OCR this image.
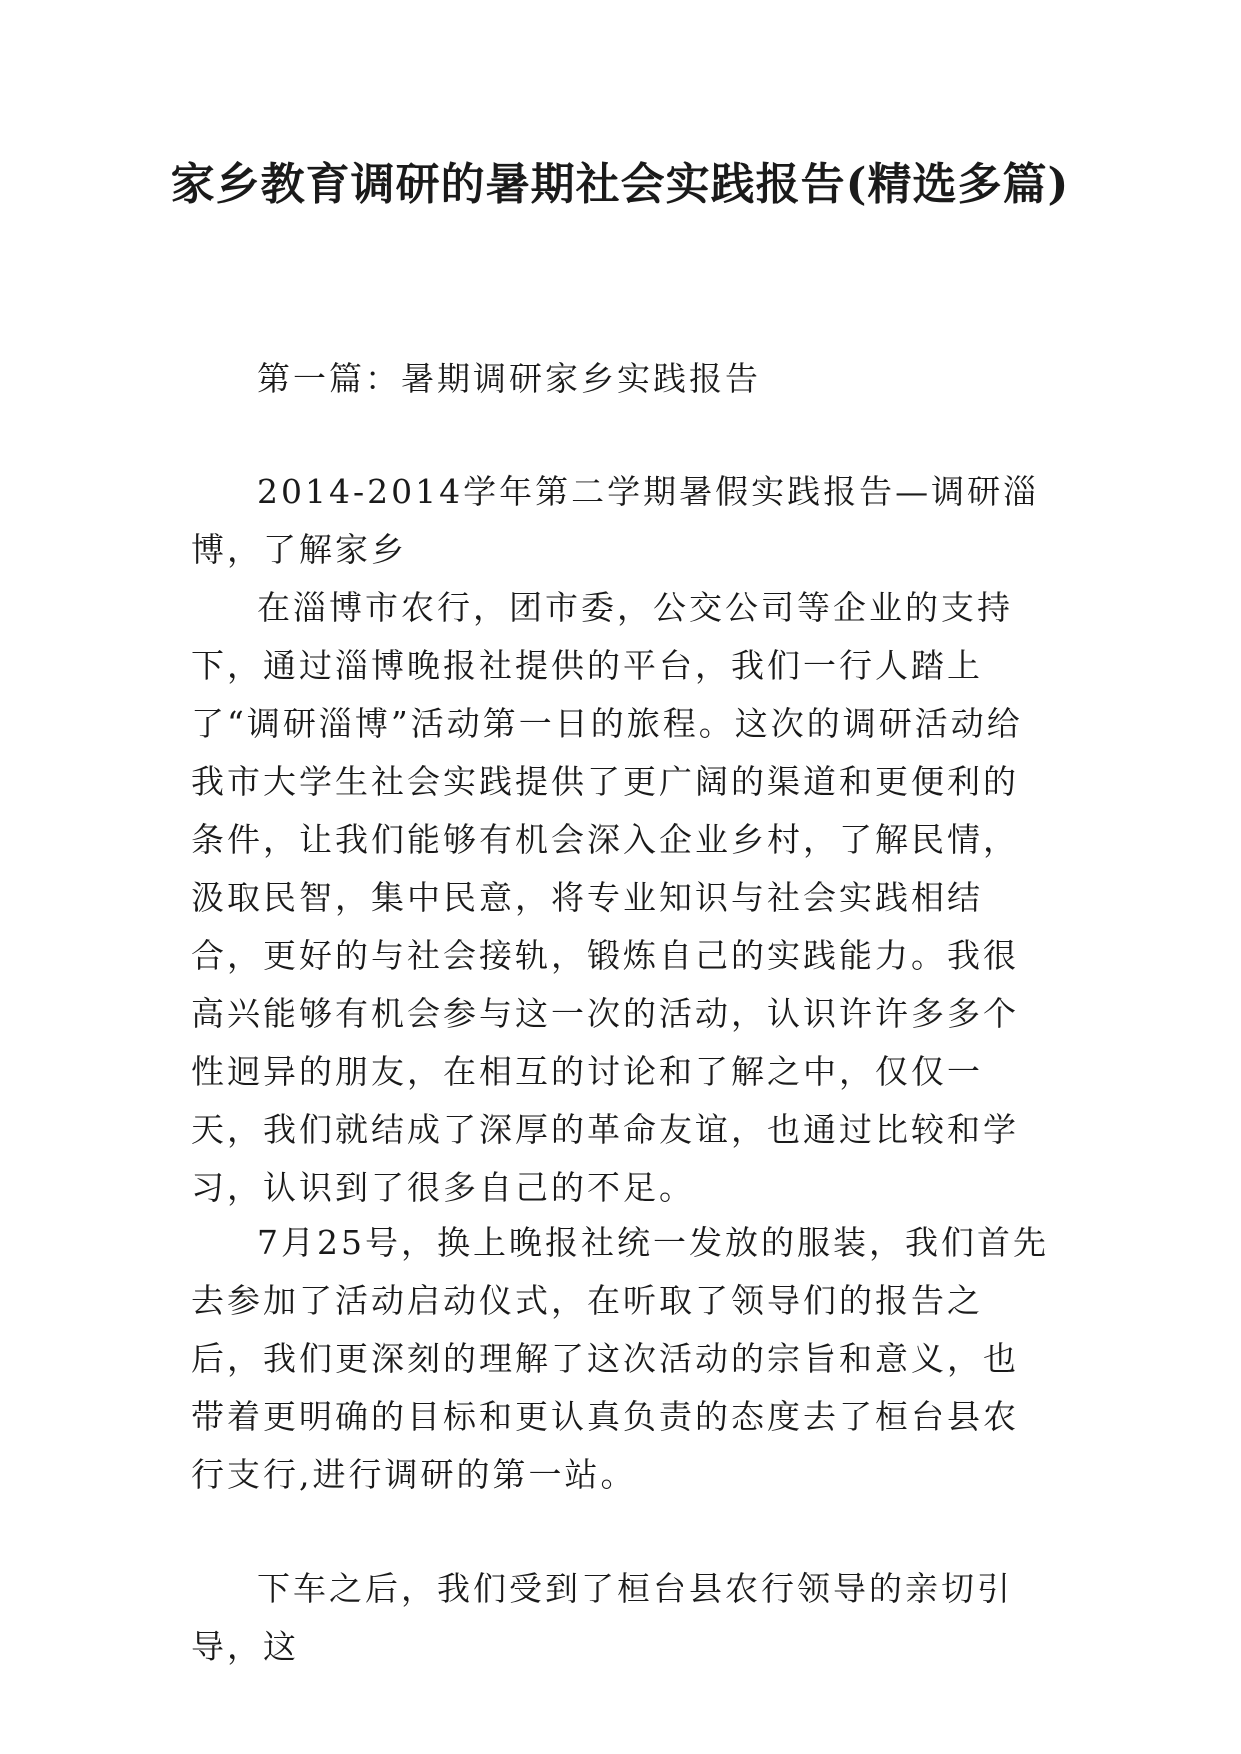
家乡教育调研的暑期社会实践报告(精选多篇)

第一篇：暑期调研家乡实践报告

2014-2014学年第二学期暑假实践报告—调研淄博，了解家乡

在淄博市农行，团市委，公交公司等企业的支持下，通过淄博晚报社提供的平台，我们一行人踏上了“调研淄博”活动第一日的旅程。这次的调研活动给我市大学生社会实践提供了更广阔的渠道和更便利的条件，让我们能够有机会深入企业乡村，了解民情，汲取民智，集中民意，将专业知识与社会实践相结合，更好的与社会接轨，锻炼自己的实践能力。我很高兴能够有机会参与这一次的活动，认识许许多多个性迥异的朋友，在相互的讨论和了解之中，仅仅一天，我们就结成了深厚的革命友谊，也通过比较和学习，认识到了很多自己的不足。

7月25号，换上晚报社统一发放的服装，我们首先去参加了活动启动仪式，在听取了领导们的报告之后，我们更深刻的理解了这次活动的宗旨和意义，也带着更明确的目标和更认真负责的态度去了桓台县农行支行,进行调研的第一站。

下车之后，我们受到了桓台县农行领导的亲切引导，这
